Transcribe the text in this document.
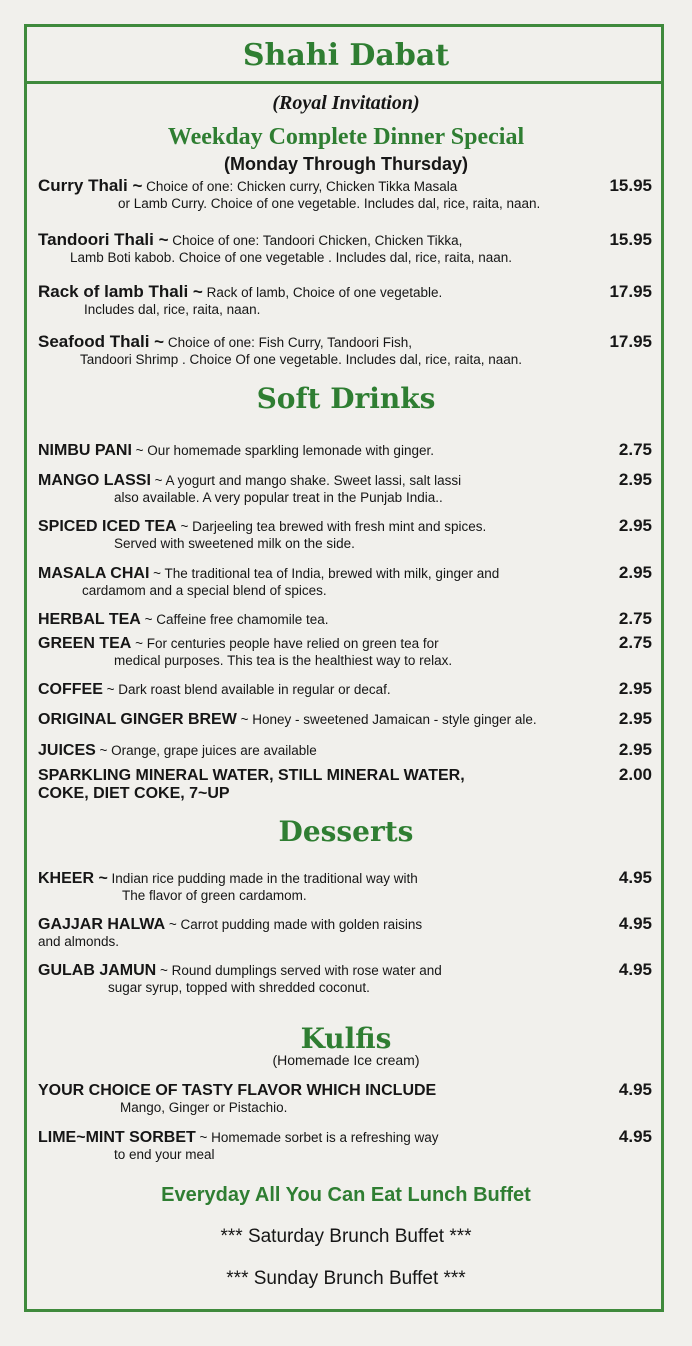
Shahi Dabat
(Royal Invitation)
Weekday Complete Dinner Special
(Monday Through Thursday)
Curry Thali ~ Choice of one: Chicken curry, Chicken Tikka Masala	15.95
or Lamb Curry. Choice of one vegetable. Includes dal, rice, raita, naan.
Tandoori Thali ~ Choice of one: Tandoori Chicken, Chicken Tikka,	15.95
Lamb Boti kabob. Choice of one vegetable . Includes dal, rice, raita, naan.
Rack of lamb Thali ~ Rack of lamb, Choice of one vegetable.	17.95
Includes dal, rice, raita, naan.
Seafood Thali ~ Choice of one: Fish Curry, Tandoori Fish,	17.95
Tandoori Shrimp . Choice Of one vegetable. Includes dal, rice, raita, naan.
Soft Drinks
NIMBU PANI ~ Our homemade sparkling lemonade with ginger.	2.75
MANGO LASSI ~ A yogurt and mango shake. Sweet lassi, salt lassi	2.95
also available. A very popular treat in the Punjab India..
SPICED ICED TEA ~ Darjeeling tea brewed with fresh mint and spices.	2.95
Served with sweetened milk on the side.
MASALA CHAI ~ The traditional tea of India, brewed with milk, ginger and	2.95
cardamom and a special blend of spices.
HERBAL TEA ~ Caffeine free chamomile tea.	2.75
GREEN TEA ~ For centuries people have relied on green tea for	2.75
medical purposes. This tea is the healthiest way to relax.
COFFEE ~ Dark roast blend available in regular or decaf.	2.95
ORIGINAL GINGER BREW ~ Honey - sweetened Jamaican - style ginger ale.	2.95
JUICES ~ Orange, grape juices are available	2.95
SPARKLING MINERAL WATER, STILL MINERAL WATER,	2.00
COKE, DIET COKE, 7~UP
Desserts
KHEER ~ Indian rice pudding made in the traditional way with	4.95
The flavor of green cardamom.
GAJJAR HALWA ~ Carrot pudding made with golden raisins	4.95
and almonds.
GULAB JAMUN ~ Round dumplings served with rose water and	4.95
sugar syrup, topped with shredded coconut.
Kulfis
(Homemade Ice cream)
YOUR CHOICE OF TASTY FLAVOR WHICH INCLUDE	4.95
Mango, Ginger or Pistachio.
LIME~MINT SORBET ~ Homemade sorbet is a refreshing way	4.95
to end your meal
Everyday All You Can Eat Lunch Buffet
*** Saturday Brunch Buffet ***
*** Sunday Brunch Buffet ***
